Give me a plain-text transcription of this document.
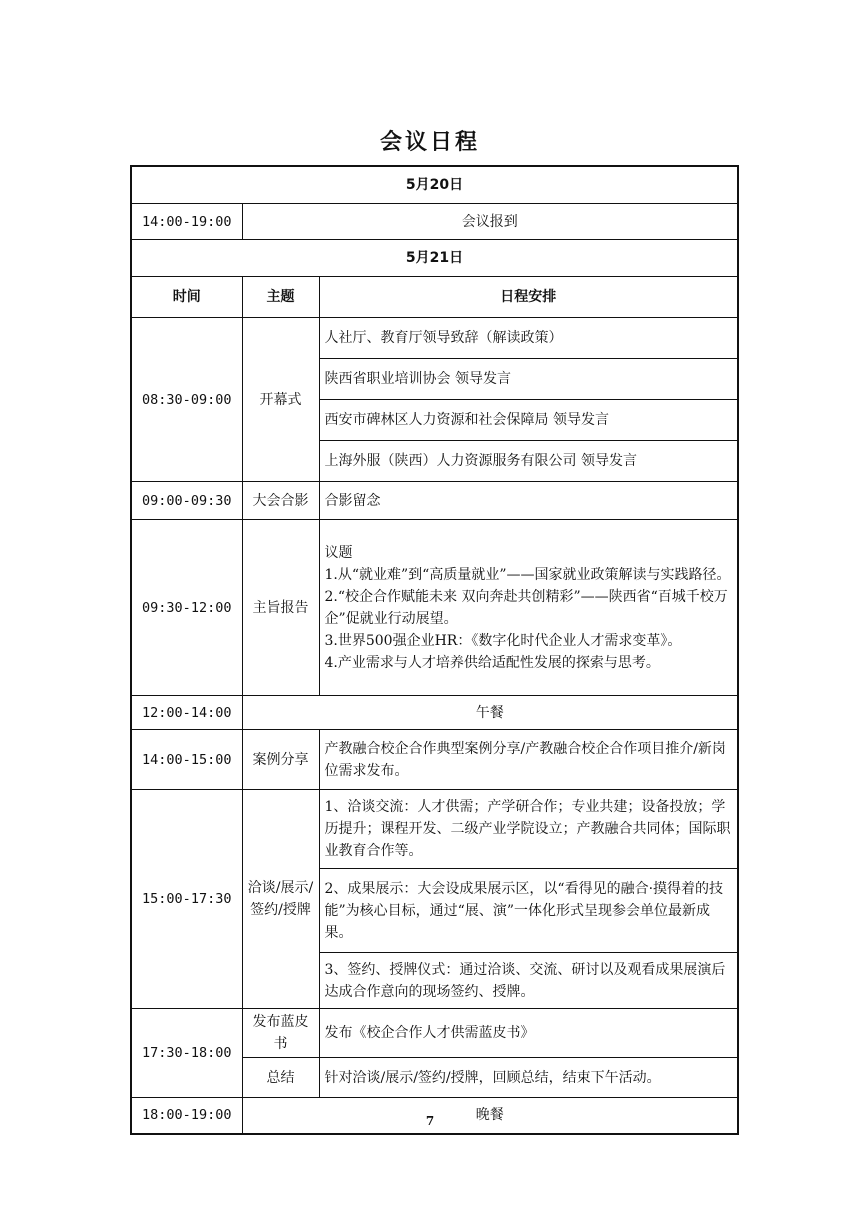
会议日程
5月20日		
14:00-19:00	会议报到	
5月21日		
时间	主题	日程安排
08:30-09:00	开幕式	人社厅、教育厅领导致辞（解读政策）
		陕西省职业培训协会 领导发言
		西安市碑林区人力资源和社会保障局 领导发言
		上海外服（陕西）人力资源服务有限公司 领导发言
09:00-09:30	大会合影	合影留念
09:30-12:00	主旨报告	议题
1.从“就业难”到“高质量就业”——国家就业政策解读与实践路径。
2.“校企合作赋能未来 双向奔赴共创精彩”——陕西省“百城千校万企”促就业行动展望。
3.世界500强企业HR：《数字化时代企业人才需求变革》。
4.产业需求与人才培养供给适配性发展的探索与思考。

12:00-14:00	午餐	
14:00-15:00	案例分享	产教融合校企合作典型案例分享/产教融合校企合作项目推介/新岗位需求发布。
15:00-17:30	洽谈/展示/签约/授牌	1、洽谈交流：人才供需；产学研合作；专业共建；设备投放；学历提升；课程开发、二级产业学院设立；产教融合共同体；国际职业教育合作等。
		2、成果展示：大会设成果展示区，以“看得见的融合·摸得着的技能”为核心目标，通过“展、演”一体化形式呈现参会单位最新成果。
		3、签约、授牌仪式：通过洽谈、交流、研讨以及观看成果展演后达成合作意向的现场签约、授牌。
17:30-18:00	发布蓝皮书	发布《校企合作人才供需蓝皮书》
	总结	针对洽谈/展示/签约/授牌，回顾总结，结束下午活动。
18:00-19:00	晚餐	
7
